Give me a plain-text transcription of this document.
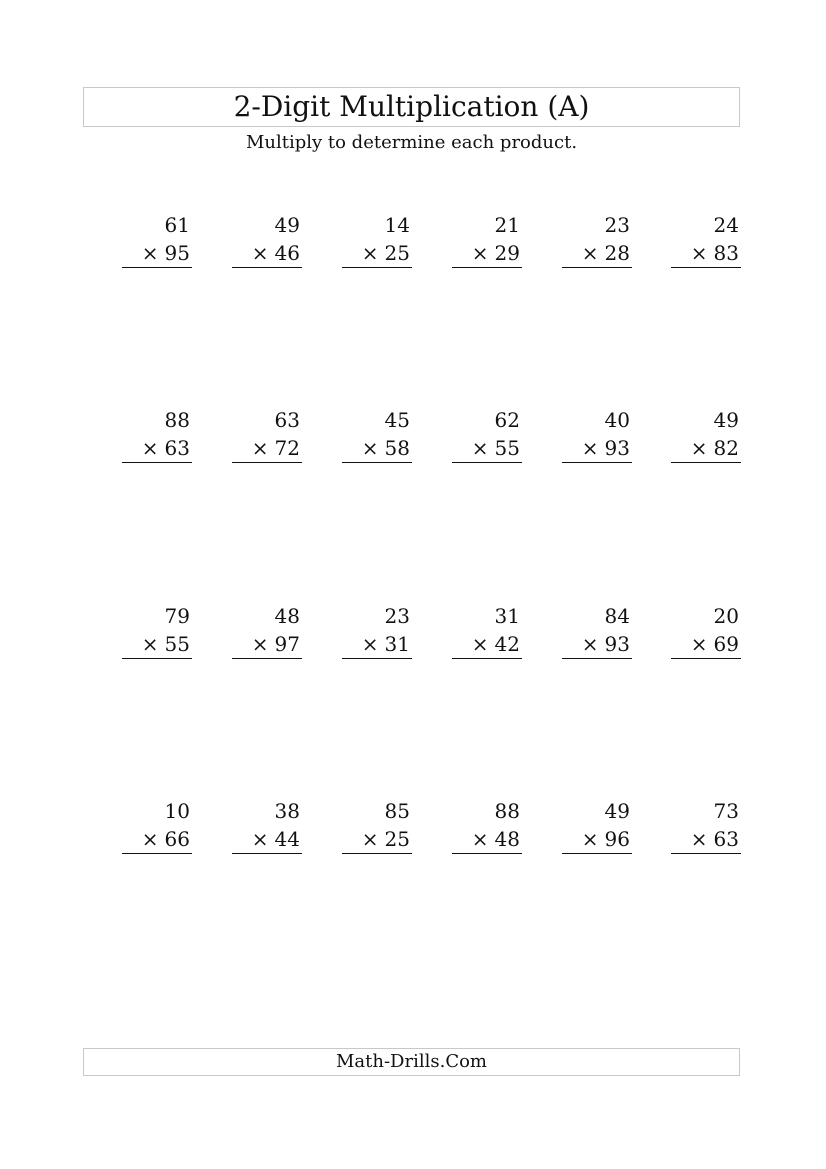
2-Digit Multiplication (A)
Multiply to determine each product.
61
× 95
49
× 46
14
× 25
21
× 29
23
× 28
24
× 83
88
× 63
63
× 72
45
× 58
62
× 55
40
× 93
49
× 82
79
× 55
48
× 97
23
× 31
31
× 42
84
× 93
20
× 69
10
× 66
38
× 44
85
× 25
88
× 48
49
× 96
73
× 63
Math-Drills.Com
